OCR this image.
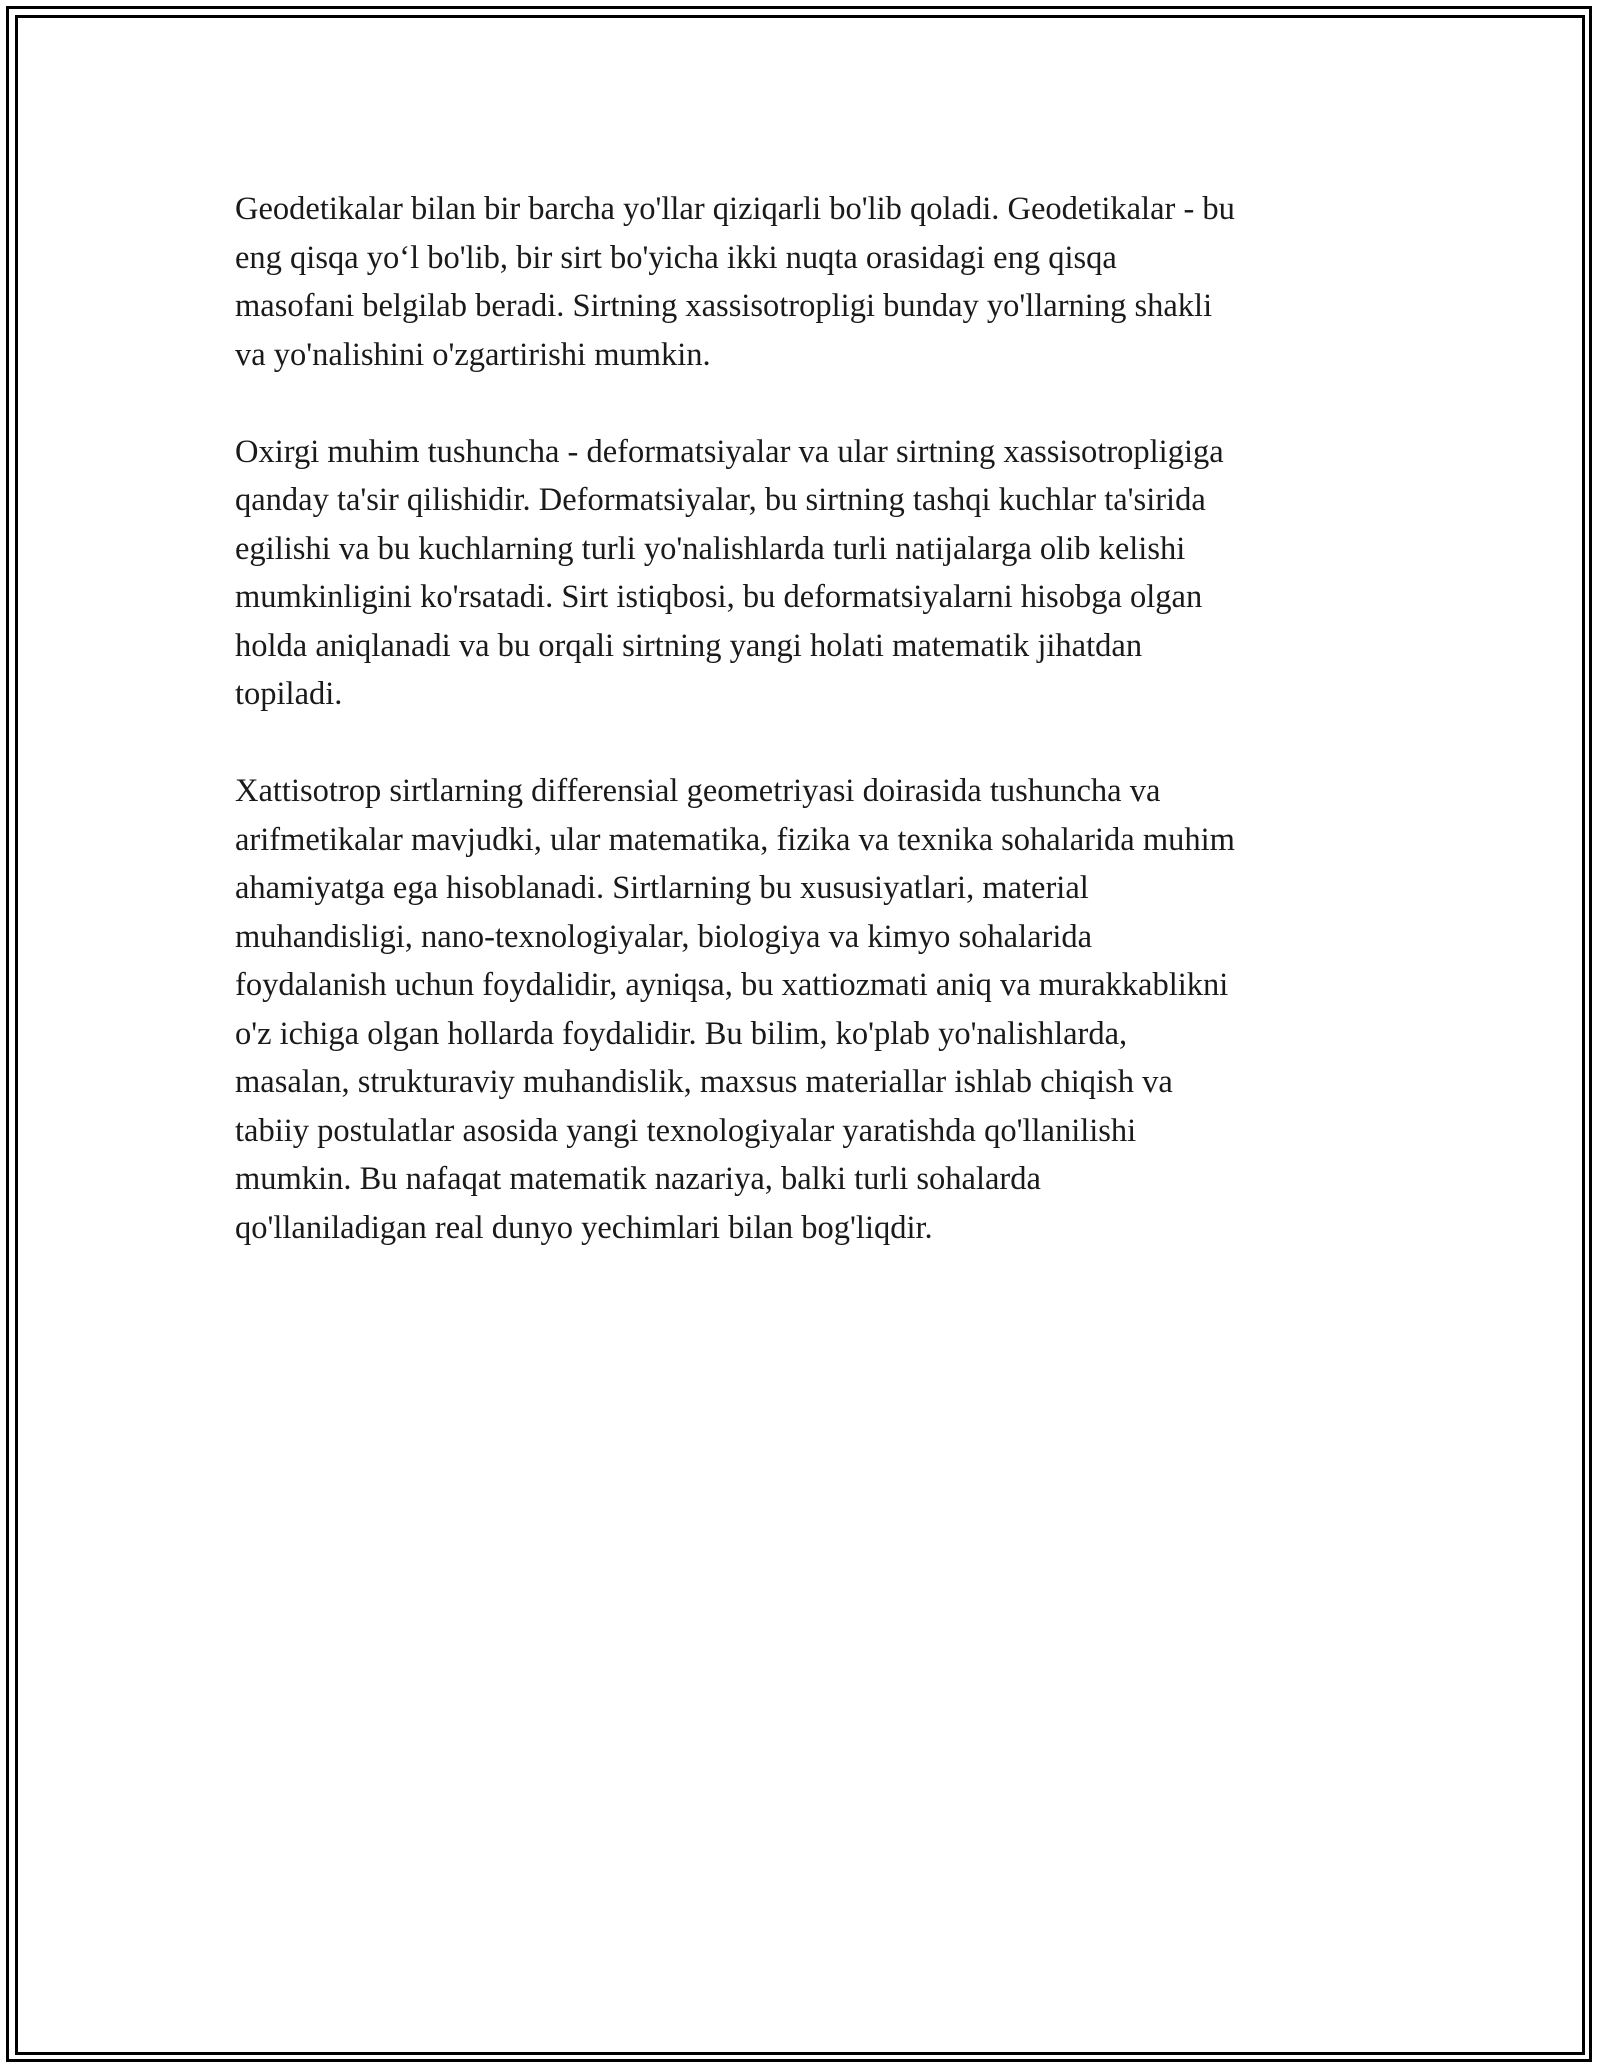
Geodetikalar bilan bir barcha yo'llar qiziqarli bo'lib qoladi. Geodetikalar - bu
eng qisqa yo‘l bo'lib, bir sirt bo'yicha ikki nuqta orasidagi eng qisqa
masofani belgilab beradi. Sirtning xassisotropligi bunday yo'llarning shakli
va yo'nalishini o'zgartirishi mumkin.

Oxirgi muhim tushuncha - deformatsiyalar va ular sirtning xassisotropligiga
qanday ta'sir qilishidir. Deformatsiyalar, bu sirtning tashqi kuchlar ta'sirida
egilishi va bu kuchlarning turli yo'nalishlarda turli natijalarga olib kelishi
mumkinligini ko'rsatadi. Sirt istiqbosi, bu deformatsiyalarni hisobga olgan
holda aniqlanadi va bu orqali sirtning yangi holati matematik jihatdan
topiladi.

Xattisotrop sirtlarning differensial geometriyasi doirasida tushuncha va
arifmetikalar mavjudki, ular matematika, fizika va texnika sohalarida muhim
ahamiyatga ega hisoblanadi. Sirtlarning bu xususiyatlari, material
muhandisligi, nano-texnologiyalar, biologiya va kimyo sohalarida
foydalanish uchun foydalidir, ayniqsa, bu xattiozmati aniq va murakkablikni
o'z ichiga olgan hollarda foydalidir. Bu bilim, ko'plab yo'nalishlarda,
masalan, strukturaviy muhandislik, maxsus materiallar ishlab chiqish va
tabiiy postulatlar asosida yangi texnologiyalar yaratishda qo'llanilishi
mumkin. Bu nafaqat matematik nazariya, balki turli sohalarda
qo'llaniladigan real dunyo yechimlari bilan bog'liqdir.
